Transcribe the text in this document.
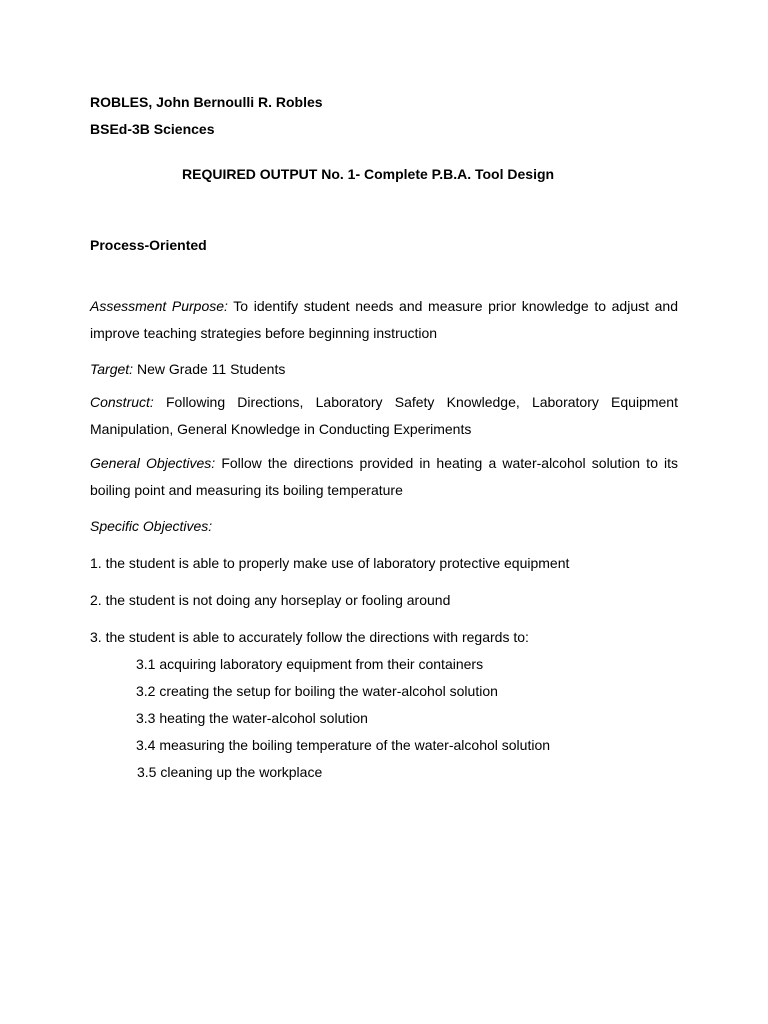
ROBLES, John Bernoulli R. Robles
BSEd-3B Sciences
REQUIRED OUTPUT No. 1- Complete P.B.A. Tool Design
Process-Oriented
Assessment Purpose: To identify student needs and measure prior knowledge to adjust and improve teaching strategies before beginning instruction
Target: New Grade 11 Students
Construct: Following Directions, Laboratory Safety Knowledge, Laboratory Equipment Manipulation, General Knowledge in Conducting Experiments
General Objectives: Follow the directions provided in heating a water-alcohol solution to its boiling point and measuring its boiling temperature
Specific Objectives:
1. the student is able to properly make use of laboratory protective equipment
2. the student is not doing any horseplay or fooling around
3. the student is able to accurately follow the directions with regards to:
3.1 acquiring laboratory equipment from their containers
3.2 creating the setup for boiling the water-alcohol solution
3.3 heating the water-alcohol solution
3.4 measuring the boiling temperature of the water-alcohol solution
3.5 cleaning up the workplace
